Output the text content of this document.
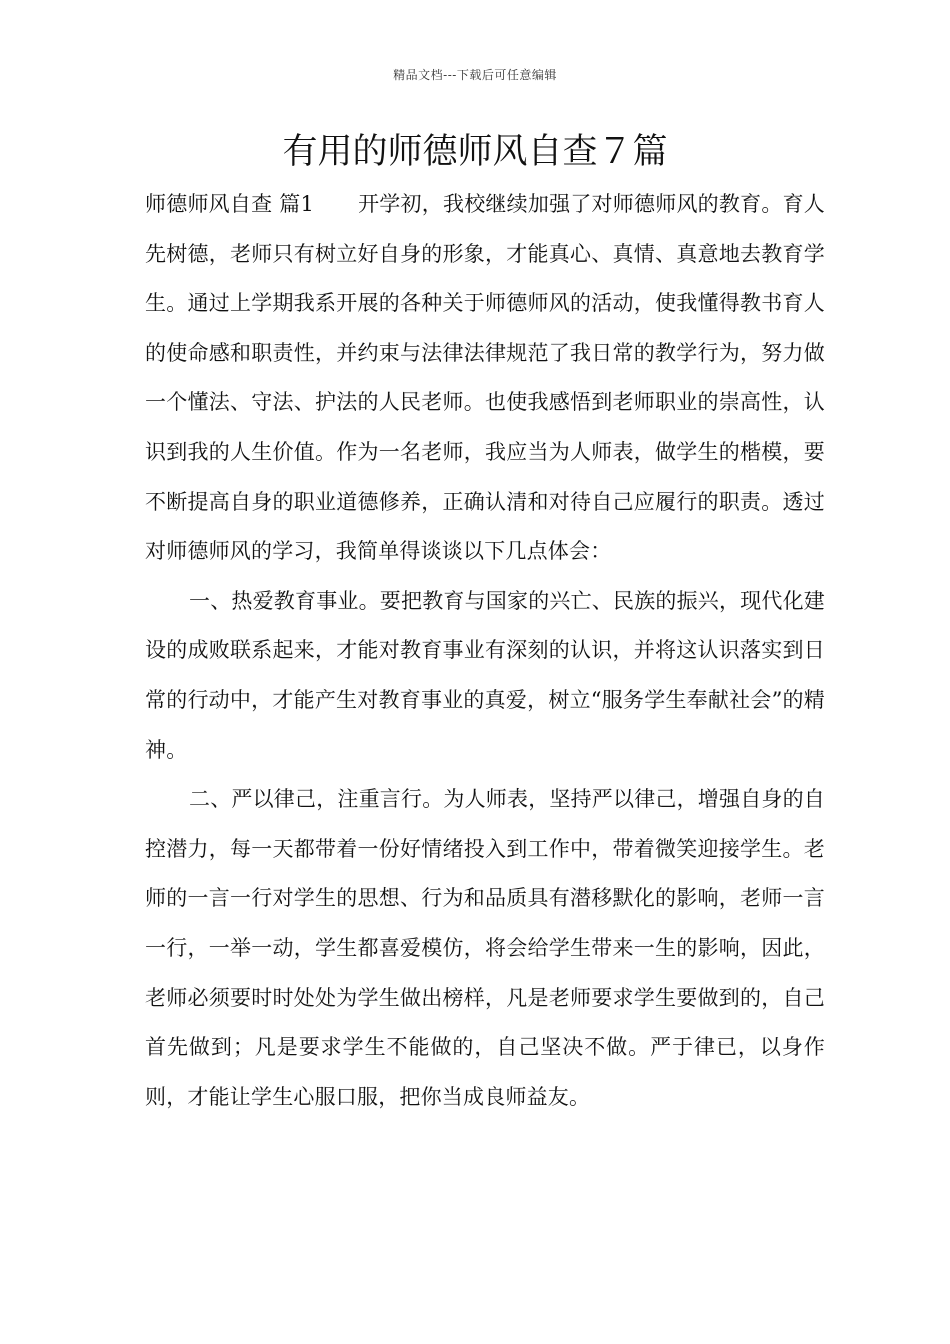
精品文档---下载后可任意编辑
有用的师德师风自查７篇

师德师风自查 篇1 开学初，我校继续加强了对师德师风的教育。育人先树德，老师只有树立好自身的形象，才能真心、真情、真意地去教育学生。通过上学期我系开展的各种关于师德师风的活动，使我懂得教书育人的使命感和职责性，并约束与法律法律规范了我日常的教学行为，努力做一个懂法、守法、护法的人民老师。也使我感悟到老师职业的崇高性，认识到我的人生价值。作为一名老师，我应当为人师表，做学生的楷模，要不断提高自身的职业道德修养，正确认清和对待自己应履行的职责。透过对师德师风的学习，我简单得谈谈以下几点体会：

一、热爱教育事业。要把教育与国家的兴亡、民族的振兴，现代化建设的成败联系起来，才能对教育事业有深刻的认识，并将这认识落实到日常的行动中，才能产生对教育事业的真爱，树立“服务学生奉献社会”的精神。

二、严以律己，注重言行。为人师表，坚持严以律己，增强自身的自控潜力，每一天都带着一份好情绪投入到工作中，带着微笑迎接学生。老师的一言一行对学生的思想、行为和品质具有潜移默化的影响，老师一言一行，一举一动，学生都喜爱模仿，将会给学生带来一生的影响，因此，老师必须要时时处处为学生做出榜样，凡是老师要求学生要做到的，自己首先做到；凡是要求学生不能做的，自己坚决不做。严于律已，以身作则，才能让学生心服口服，把你当成良师益友。
